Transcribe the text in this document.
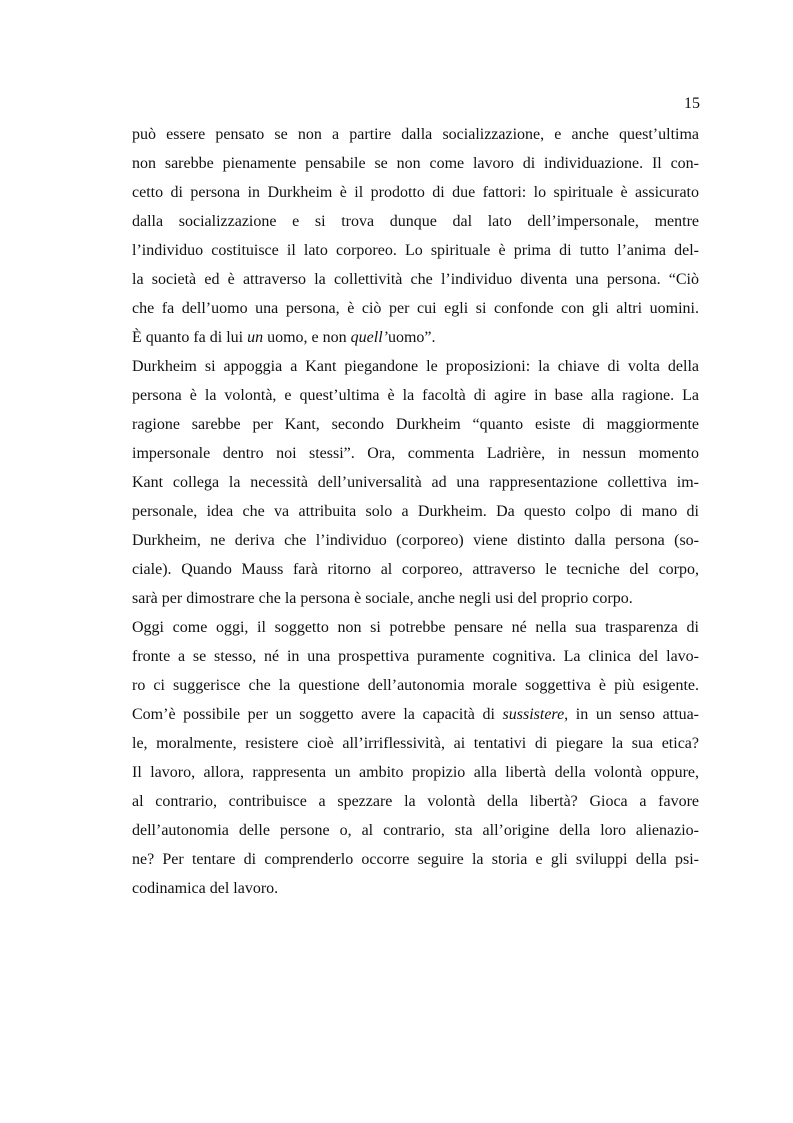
15

può essere pensato se non a partire dalla socializzazione, e anche quest’ultima
non sarebbe pienamente pensabile se non come lavoro di individuazione. Il con-
cetto di persona in Durkheim è il prodotto di due fattori: lo spirituale è assicurato
dalla socializzazione e si trova dunque dal lato dell’impersonale, mentre
l’individuo costituisce il lato corporeo. Lo spirituale è prima di tutto l’anima del-
la società ed è attraverso la collettività che l’individuo diventa una persona. “Ciò
che fa dell’uomo una persona, è ciò per cui egli si confonde con gli altri uomini.
È quanto fa di lui un uomo, e non quell’uomo”.

Durkheim si appoggia a Kant piegandone le proposizioni: la chiave di volta della
persona è la volontà, e quest’ultima è la facoltà di agire in base alla ragione. La
ragione sarebbe per Kant, secondo Durkheim “quanto esiste di maggiormente
impersonale dentro noi stessi”. Ora, commenta Ladrière, in nessun momento
Kant collega la necessità dell’universalità ad una rappresentazione collettiva im-
personale, idea che va attribuita solo a Durkheim. Da questo colpo di mano di
Durkheim, ne deriva che l’individuo (corporeo) viene distinto dalla persona (so-
ciale). Quando Mauss farà ritorno al corporeo, attraverso le tecniche del corpo,
sarà per dimostrare che la persona è sociale, anche negli usi del proprio corpo.

Oggi come oggi, il soggetto non si potrebbe pensare né nella sua trasparenza di
fronte a se stesso, né in una prospettiva puramente cognitiva. La clinica del lavo-
ro ci suggerisce che la questione dell’autonomia morale soggettiva è più esigente.
Com’è possibile per un soggetto avere la capacità di sussistere, in un senso attua-
le, moralmente, resistere cioè all’irriflessività, ai tentativi di piegare la sua etica?
Il lavoro, allora, rappresenta un ambito propizio alla libertà della volontà oppure,
al contrario, contribuisce a spezzare la volontà della libertà? Gioca a favore
dell’autonomia delle persone o, al contrario, sta all’origine della loro alienazio-
ne? Per tentare di comprenderlo occorre seguire la storia e gli sviluppi della psi-
codinamica del lavoro.
